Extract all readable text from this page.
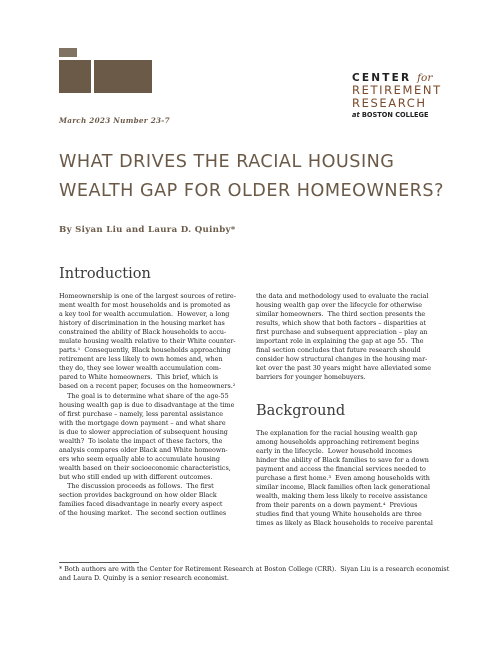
CENTER for
RETIREMENT
RESEARCH
at BOSTON COLLEGE
March 2023 Number 23-7
WHAT DRIVES THE RACIAL HOUSING
WEALTH GAP FOR OLDER HOMEOWNERS?
By Siyan Liu and Laura D. Quinby*
Introduction
Homeownership is one of the largest sources of retire-
ment wealth for most households and is promoted as
a key tool for wealth accumulation.  However, a long
history of discrimination in the housing market has
constrained the ability of Black households to accu-
mulate housing wealth relative to their White counter-
parts.¹  Consequently, Black households approaching
retirement are less likely to own homes and, when
they do, they see lower wealth accumulation com-
pared to White homeowners.  This brief, which is
based on a recent paper, focuses on the homeowners.²
The goal is to determine what share of the age-55
housing wealth gap is due to disadvantage at the time
of first purchase – namely, less parental assistance
with the mortgage down payment – and what share
is due to slower appreciation of subsequent housing
wealth?  To isolate the impact of these factors, the
analysis compares older Black and White homeown-
ers who seem equally able to accumulate housing
wealth based on their socioeconomic characteristics,
but who still ended up with different outcomes.
The discussion proceeds as follows.  The first
section provides background on how older Black
families faced disadvantage in nearly every aspect
of the housing market.  The second section outlines
the data and methodology used to evaluate the racial
housing wealth gap over the lifecycle for otherwise
similar homeowners.  The third section presents the
results, which show that both factors – disparities at
first purchase and subsequent appreciation – play an
important role in explaining the gap at age 55.  The
final section concludes that future research should
consider how structural changes in the housing mar-
ket over the past 30 years might have alleviated some
barriers for younger homebuyers.
Background
The explanation for the racial housing wealth gap
among households approaching retirement begins
early in the lifecycle.  Lower household incomes
hinder the ability of Black families to save for a down
payment and access the financial services needed to
purchase a first home.³  Even among households with
similar income, Black families often lack generational
wealth, making them less likely to receive assistance
from their parents on a down payment.⁴  Previous
studies find that young White households are three
times as likely as Black households to receive parental
* Both authors are with the Center for Retirement Research at Boston College (CRR).  Siyan Liu is a research economist
and Laura D. Quinby is a senior research economist.
